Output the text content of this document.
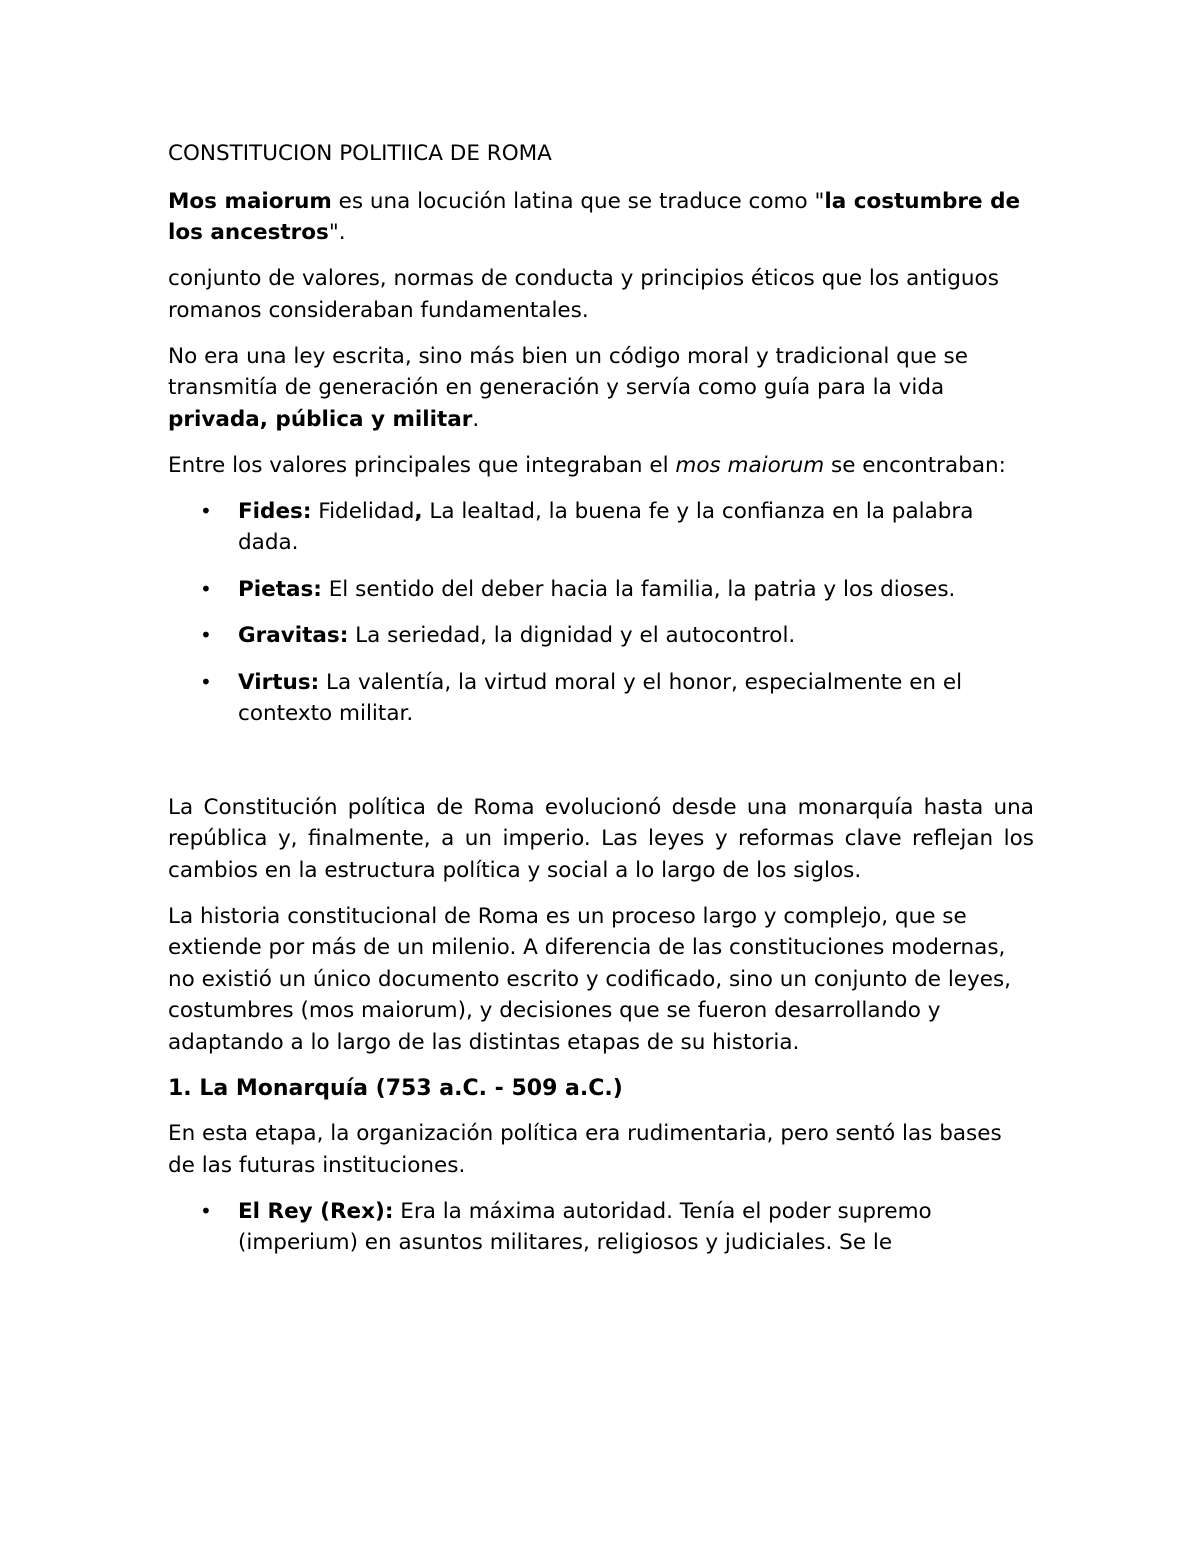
CONSTITUCION POLITIICA DE ROMA

Mos maiorum es una locución latina que se traduce como "la costumbre de los ancestros".

conjunto de valores, normas de conducta y principios éticos que los antiguos romanos consideraban fundamentales.

No era una ley escrita, sino más bien un código moral y tradicional que se transmitía de generación en generación y servía como guía para la vida privada, pública y militar.

Entre los valores principales que integraban el mos maiorum se encontraban:

• Fides: Fidelidad, La lealtad, la buena fe y la confianza en la palabra dada.
• Pietas: El sentido del deber hacia la familia, la patria y los dioses.
• Gravitas: La seriedad, la dignidad y el autocontrol.
• Virtus: La valentía, la virtud moral y el honor, especialmente en el contexto militar.

La Constitución política de Roma evolucionó desde una monarquía hasta una república y, finalmente, a un imperio. Las leyes y reformas clave reflejan los cambios en la estructura política y social a lo largo de los siglos.

La historia constitucional de Roma es un proceso largo y complejo, que se extiende por más de un milenio. A diferencia de las constituciones modernas, no existió un único documento escrito y codificado, sino un conjunto de leyes, costumbres (mos maiorum), y decisiones que se fueron desarrollando y adaptando a lo largo de las distintas etapas de su historia.

1. La Monarquía (753 a.C. - 509 a.C.)

En esta etapa, la organización política era rudimentaria, pero sentó las bases de las futuras instituciones.

• El Rey (Rex): Era la máxima autoridad. Tenía el poder supremo (imperium) en asuntos militares, religiosos y judiciales. Se le
